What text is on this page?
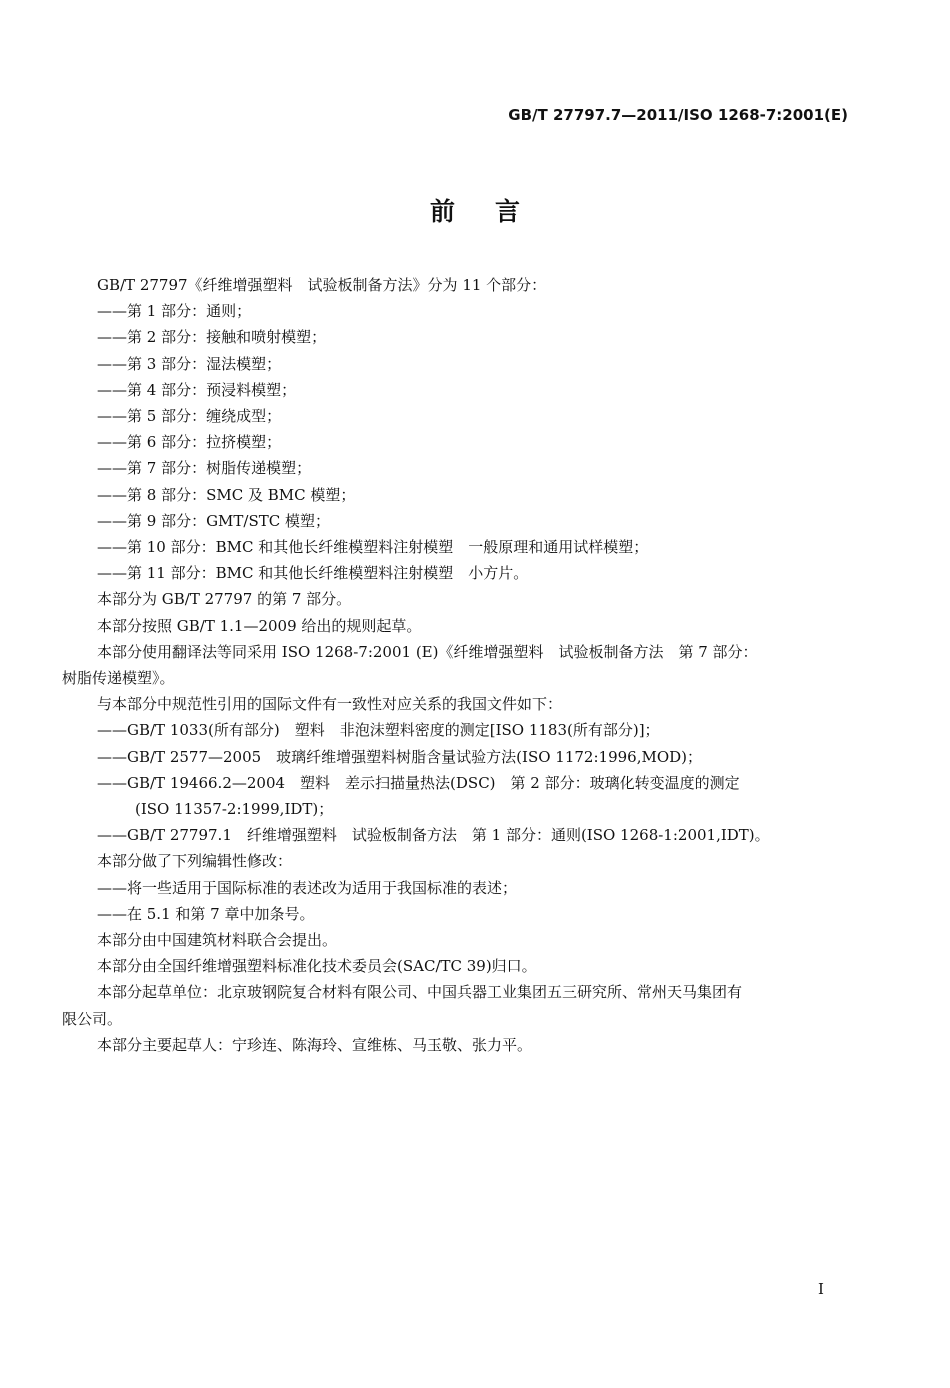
GB/T 27797.7—2011/ISO 1268-7:2001(E)
前言

GB/T 27797《纤维增强塑料　试验板制备方法》分为 11 个部分：

——第 1 部分：通则；

——第 2 部分：接触和喷射模塑；

——第 3 部分：湿法模塑；

——第 4 部分：预浸料模塑；

——第 5 部分：缠绕成型；

——第 6 部分：拉挤模塑；

——第 7 部分：树脂传递模塑；

——第 8 部分：SMC 及 BMC 模塑；

——第 9 部分：GMT/STC 模塑；

——第 10 部分：BMC 和其他长纤维模塑料注射模塑　一般原理和通用试样模塑；

——第 11 部分：BMC 和其他长纤维模塑料注射模塑　小方片。

本部分为 GB/T 27797 的第 7 部分。

本部分按照 GB/T 1.1—2009 给出的规则起草。

本部分使用翻译法等同采用 ISO 1268-7:2001 (E)《纤维增强塑料　试验板制备方法　第 7 部分：

树脂传递模塑》。

与本部分中规范性引用的国际文件有一致性对应关系的我国文件如下：

——GB/T 1033(所有部分)　塑料　非泡沫塑料密度的测定[ISO 1183(所有部分)]；

——GB/T 2577—2005　玻璃纤维增强塑料树脂含量试验方法(ISO 1172:1996,MOD)；

——GB/T 19466.2—2004　塑料　差示扫描量热法(DSC)　第 2 部分：玻璃化转变温度的测定

(ISO 11357-2:1999,IDT)；

——GB/T 27797.1　纤维增强塑料　试验板制备方法　第 1 部分：通则(ISO 1268-1:2001,IDT)。

本部分做了下列编辑性修改：

——将一些适用于国际标准的表述改为适用于我国标准的表述；

——在 5.1 和第 7 章中加条号。

本部分由中国建筑材料联合会提出。

本部分由全国纤维增强塑料标准化技术委员会(SAC/TC 39)归口。

本部分起草单位：北京玻钢院复合材料有限公司、中国兵器工业集团五三研究所、常州天马集团有

限公司。

本部分主要起草人：宁珍连、陈海玲、宣维栋、马玉敬、张力平。

I
